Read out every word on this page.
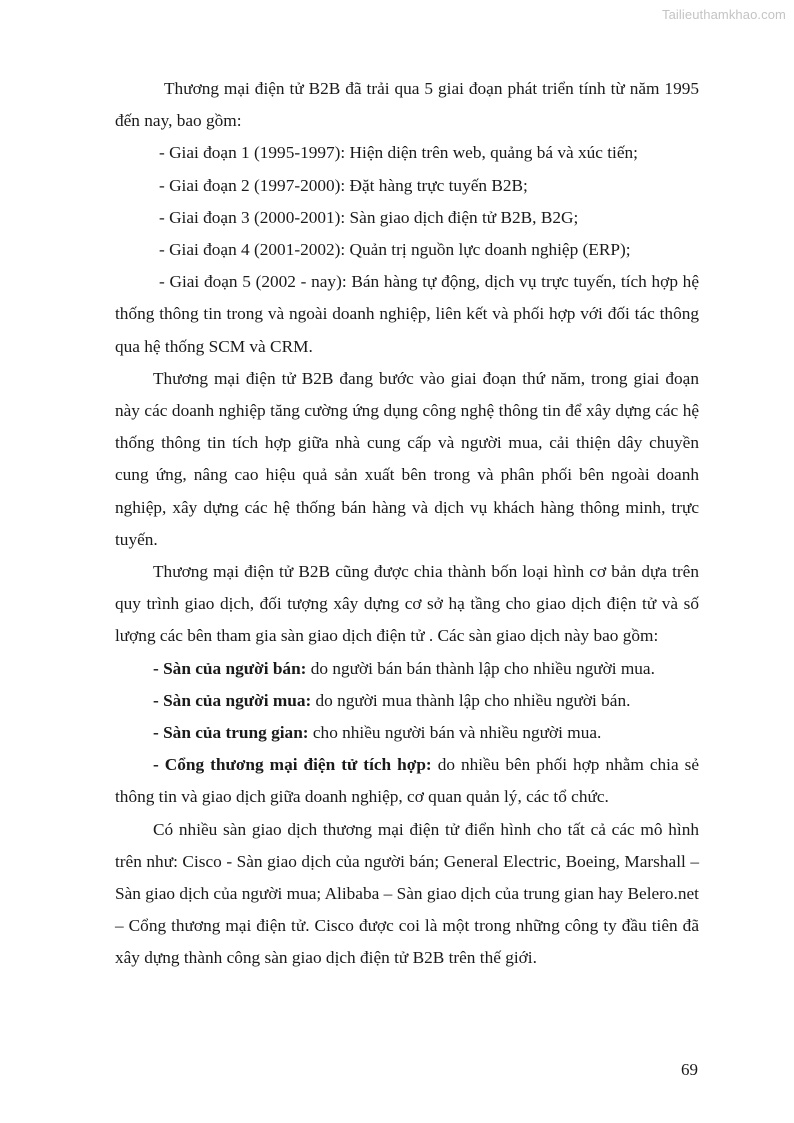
Tailieuthamkhao.com

Thương mại điện tử B2B đã trải qua 5 giai đoạn phát triển tính từ năm 1995 đến nay, bao gồm:

- Giai đoạn 1 (1995-1997): Hiện diện trên web, quảng bá và xúc tiến;

- Giai đoạn 2 (1997-2000): Đặt hàng trực tuyến B2B;

- Giai đoạn 3 (2000-2001): Sàn giao dịch điện tử B2B, B2G;

- Giai đoạn 4 (2001-2002): Quản trị nguồn lực doanh nghiệp (ERP);

- Giai đoạn 5 (2002 - nay): Bán hàng tự động, dịch vụ trực tuyến, tích hợp hệ thống thông tin trong và ngoài doanh nghiệp, liên kết và phối hợp với đối tác thông qua hệ thống SCM và CRM.

Thương mại điện tử B2B đang bước vào giai đoạn thứ năm, trong giai đoạn này các doanh nghiệp tăng cường ứng dụng công nghệ thông tin để xây dựng các hệ thống thông tin tích hợp giữa nhà cung cấp và người mua, cải thiện dây chuyền cung ứng, nâng cao hiệu quả sản xuất bên trong và phân phối bên ngoài doanh nghiệp, xây dựng các hệ thống bán hàng và dịch vụ khách hàng thông minh, trực tuyến.

Thương mại điện tử B2B cũng được chia thành bốn loại hình cơ bản dựa trên quy trình giao dịch, đối tượng xây dựng cơ sở hạ tầng cho giao dịch điện tử và số lượng các bên tham gia sàn giao dịch điện tử . Các sàn giao dịch này bao gồm:

- Sàn của người bán: do người bán bán thành lập cho nhiều người mua.

- Sàn của người mua: do người mua thành lập cho nhiều người bán.

- Sàn của trung gian: cho nhiều người bán và nhiều người mua.

- Cổng thương mại điện tử tích hợp: do nhiều bên phối hợp nhằm chia sẻ thông tin và giao dịch giữa doanh nghiệp, cơ quan quản lý, các tổ chức.

Có nhiều sàn giao dịch thương mại điện tử điển hình cho tất cả các mô hình trên như: Cisco - Sàn giao dịch của người bán; General Electric, Boeing, Marshall – Sàn giao dịch của người mua; Alibaba – Sàn giao dịch của trung gian hay Belero.net – Cổng thương mại điện tử. Cisco được coi là một trong những công ty đầu tiên đã xây dựng thành công sàn giao dịch điện tử B2B trên thế giới.

69
